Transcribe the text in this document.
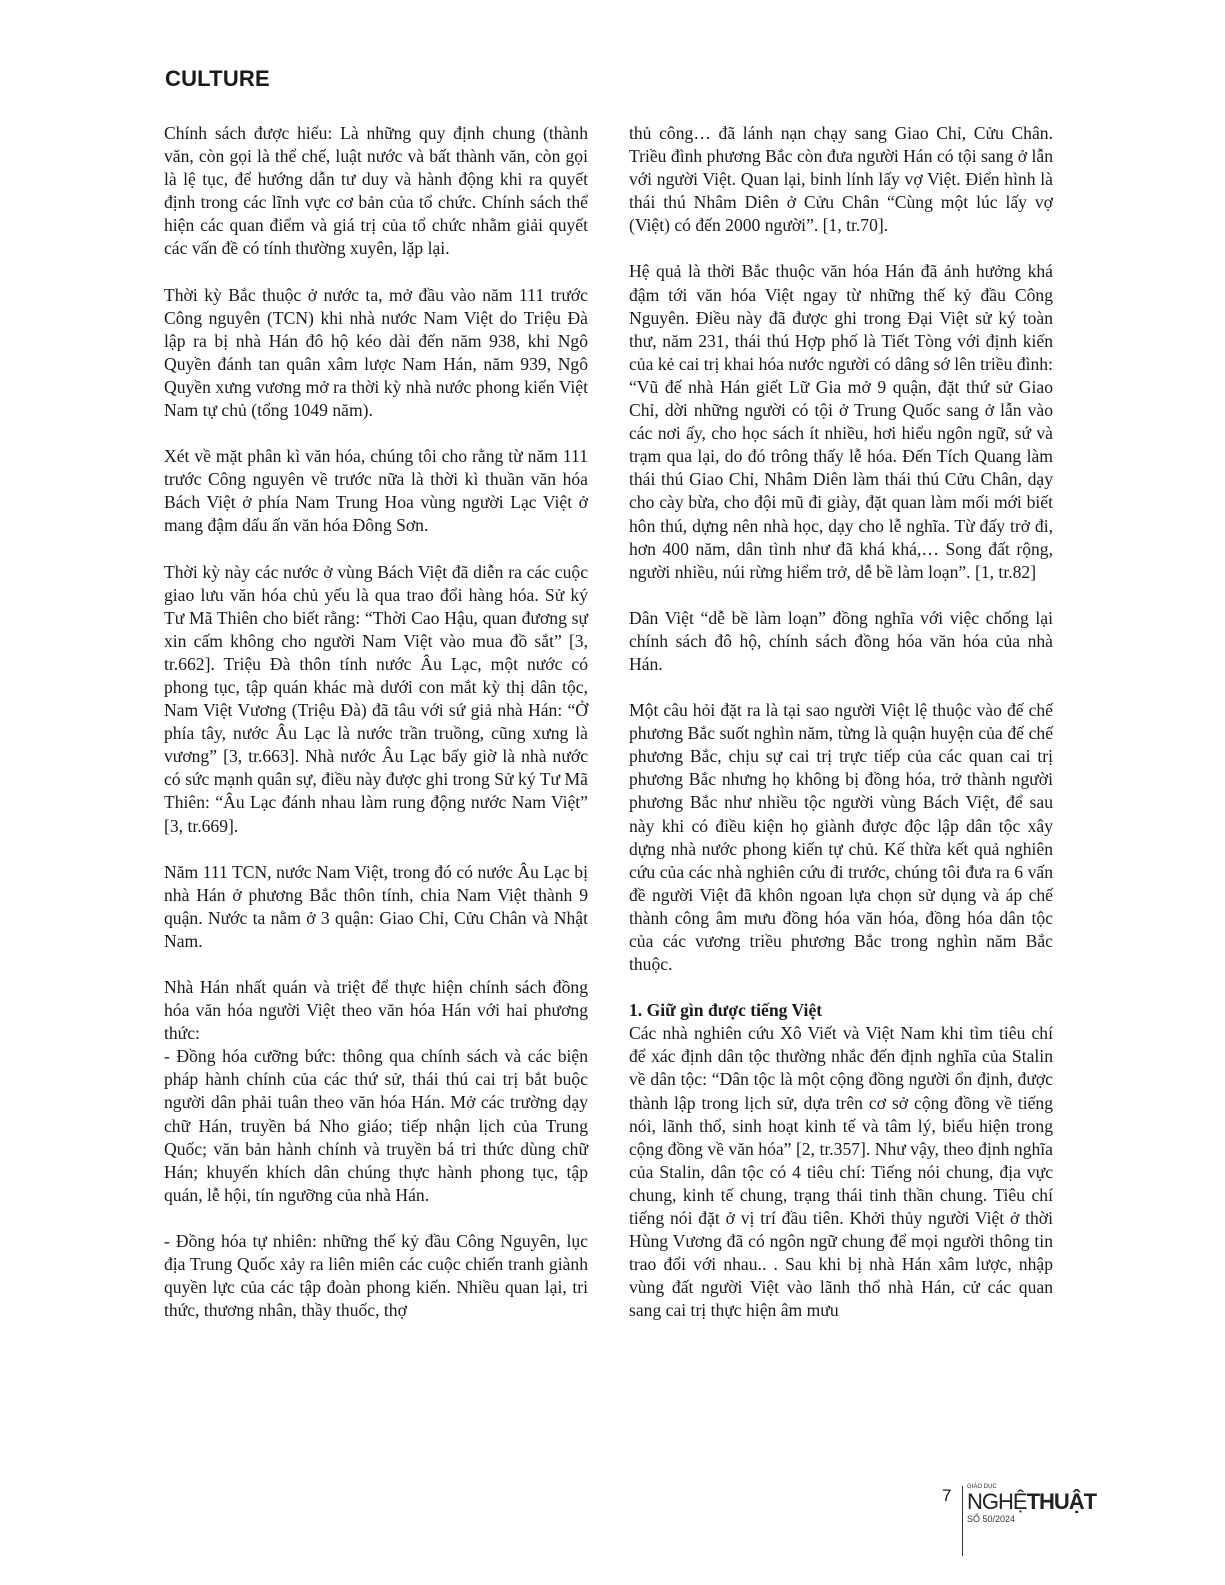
CULTURE

Chính sách được hiểu: Là những quy định chung (thành văn, còn gọi là thể chế, luật nước và bất thành văn, còn gọi là lệ tục, để hướng dẫn tư duy và hành động khi ra quyết định trong các lĩnh vực cơ bản của tổ chức. Chính sách thể hiện các quan điểm và giá trị của tổ chức nhằm giải quyết các vấn đề có tính thường xuyên, lặp lại.

Thời kỳ Bắc thuộc ở nước ta, mở đầu vào năm 111 trước Công nguyên (TCN) khi nhà nước Nam Việt do Triệu Đà lập ra bị nhà Hán đô hộ kéo dài đến năm 938, khi Ngô Quyền đánh tan quân xâm lược Nam Hán, năm 939, Ngô Quyền xưng vương mở ra thời kỳ nhà nước phong kiến Việt Nam tự chủ (tổng 1049 năm).

Xét về mặt phân kì văn hóa, chúng tôi cho rằng từ năm 111 trước Công nguyên về trước nữa là thời kì thuần văn hóa Bách Việt ở phía Nam Trung Hoa vùng người Lạc Việt ở mang đậm dấu ấn văn hóa Đông Sơn.

Thời kỳ này các nước ở vùng Bách Việt đã diễn ra các cuộc giao lưu văn hóa chủ yếu là qua trao đổi hàng hóa. Sử ký Tư Mã Thiên cho biết rằng: “Thời Cao Hậu, quan đương sự xin cấm không cho người Nam Việt vào mua đồ sắt” [3, tr.662]. Triệu Đà thôn tính nước Âu Lạc, một nước có phong tục, tập quán khác mà dưới con mắt kỳ thị dân tộc, Nam Việt Vương (Triệu Đà) đã tâu với sứ giả nhà Hán: “Ở phía tây, nước Âu Lạc là nước trần truồng, cũng xưng là vương” [3, tr.663]. Nhà nước Âu Lạc bấy giờ là nhà nước có sức mạnh quân sự, điều này được ghi trong Sử ký Tư Mã Thiên: “Âu Lạc đánh nhau làm rung động nước Nam Việt” [3, tr.669].

Năm 111 TCN, nước Nam Việt, trong đó có nước Âu Lạc bị nhà Hán ở phương Bắc thôn tính, chia Nam Việt thành 9 quận. Nước ta nằm ở 3 quận: Giao Chỉ, Cửu Chân và Nhật Nam.

Nhà Hán nhất quán và triệt để thực hiện chính sách đồng hóa văn hóa người Việt theo văn hóa Hán với hai phương thức:

- Đồng hóa cưỡng bức: thông qua chính sách và các biện pháp hành chính của các thứ sử, thái thú cai trị bắt buộc người dân phải tuân theo văn hóa Hán. Mở các trường dạy chữ Hán, truyền bá Nho giáo; tiếp nhận lịch của Trung Quốc; văn bản hành chính và truyền bá tri thức dùng chữ Hán; khuyến khích dân chúng thực hành phong tục, tập quán, lễ hội, tín ngưỡng của nhà Hán.

- Đồng hóa tự nhiên: những thế kỷ đầu Công Nguyên, lục địa Trung Quốc xảy ra liên miên các cuộc chiến tranh giành quyền lực của các tập đoàn phong kiến. Nhiều quan lại, tri thức, thương nhân, thầy thuốc, thợ

thủ công… đã lánh nạn chạy sang Giao Chỉ, Cửu Chân. Triều đình phương Bắc còn đưa người Hán có tội sang ở lẫn với người Việt. Quan lại, binh lính lấy vợ Việt. Điển hình là thái thú Nhâm Diên ở Cửu Chân “Cùng một lúc lấy vợ (Việt) có đến 2000 người”. [1, tr.70].

Hệ quả là thời Bắc thuộc văn hóa Hán đã ảnh hưởng khá đậm tới văn hóa Việt ngay từ những thế kỷ đầu Công Nguyên. Điều này đã được ghi trong Đại Việt sử ký toàn thư, năm 231, thái thú Hợp phố là Tiết Tòng với định kiến của kẻ cai trị khai hóa nước người có dâng sớ lên triều đình: “Vũ đế nhà Hán giết Lữ Gia mở 9 quận, đặt thứ sử Giao Chỉ, dời những người có tội ở Trung Quốc sang ở lẫn vào các nơi ấy, cho học sách ít nhiều, hơi hiểu ngôn ngữ, sứ và trạm qua lại, do đó trông thấy lễ hóa. Đến Tích Quang làm thái thú Giao Chỉ, Nhâm Diên làm thái thú Cửu Chân, dạy cho cày bừa, cho đội mũ đi giày, đặt quan làm mối mới biết hôn thú, dựng nên nhà học, dạy cho lễ nghĩa. Từ đấy trở đi, hơn 400 năm, dân tình như đã khá khá,… Song đất rộng, người nhiều, núi rừng hiểm trở, dễ bề làm loạn”. [1, tr.82]

Dân Việt “dễ bề làm loạn” đồng nghĩa với việc chống lại chính sách đô hộ, chính sách đồng hóa văn hóa của nhà Hán.

Một câu hỏi đặt ra là tại sao người Việt lệ thuộc vào đế chế phương Bắc suốt nghìn năm, từng là quận huyện của đế chế phương Bắc, chịu sự cai trị trực tiếp của các quan cai trị phương Bắc nhưng họ không bị đồng hóa, trở thành người phương Bắc như nhiều tộc người vùng Bách Việt, để sau này khi có điều kiện họ giành được độc lập dân tộc xây dựng nhà nước phong kiến tự chủ. Kế thừa kết quả nghiên cứu của các nhà nghiên cứu đi trước, chúng tôi đưa ra 6 vấn đề người Việt đã khôn ngoan lựa chọn sử dụng và áp chế thành công âm mưu đồng hóa văn hóa, đồng hóa dân tộc của các vương triều phương Bắc trong nghìn năm Bắc thuộc.

1. Giữ gìn được tiếng Việt

Các nhà nghiên cứu Xô Viết và Việt Nam khi tìm tiêu chí để xác định dân tộc thường nhắc đến định nghĩa của Stalin về dân tộc: “Dân tộc là một cộng đồng người ổn định, được thành lập trong lịch sử, dựa trên cơ sở cộng đồng về tiếng nói, lãnh thổ, sinh hoạt kinh tế và tâm lý, biểu hiện trong cộng đồng về văn hóa” [2, tr.357]. Như vậy, theo định nghĩa của Stalin, dân tộc có 4 tiêu chí: Tiếng nói chung, địa vực chung, kinh tế chung, trạng thái tinh thần chung. Tiêu chí tiếng nói đặt ở vị trí đầu tiên. Khởi thủy người Việt ở thời Hùng Vương đã có ngôn ngữ chung để mọi người thông tin trao đổi với nhau.. . Sau khi bị nhà Hán xâm lược, nhập vùng đất người Việt vào lãnh thổ nhà Hán, cử các quan sang cai trị thực hiện âm mưu

7	GIÁO DỤC
NGHỆTHUẬT
SỐ 50/2024
